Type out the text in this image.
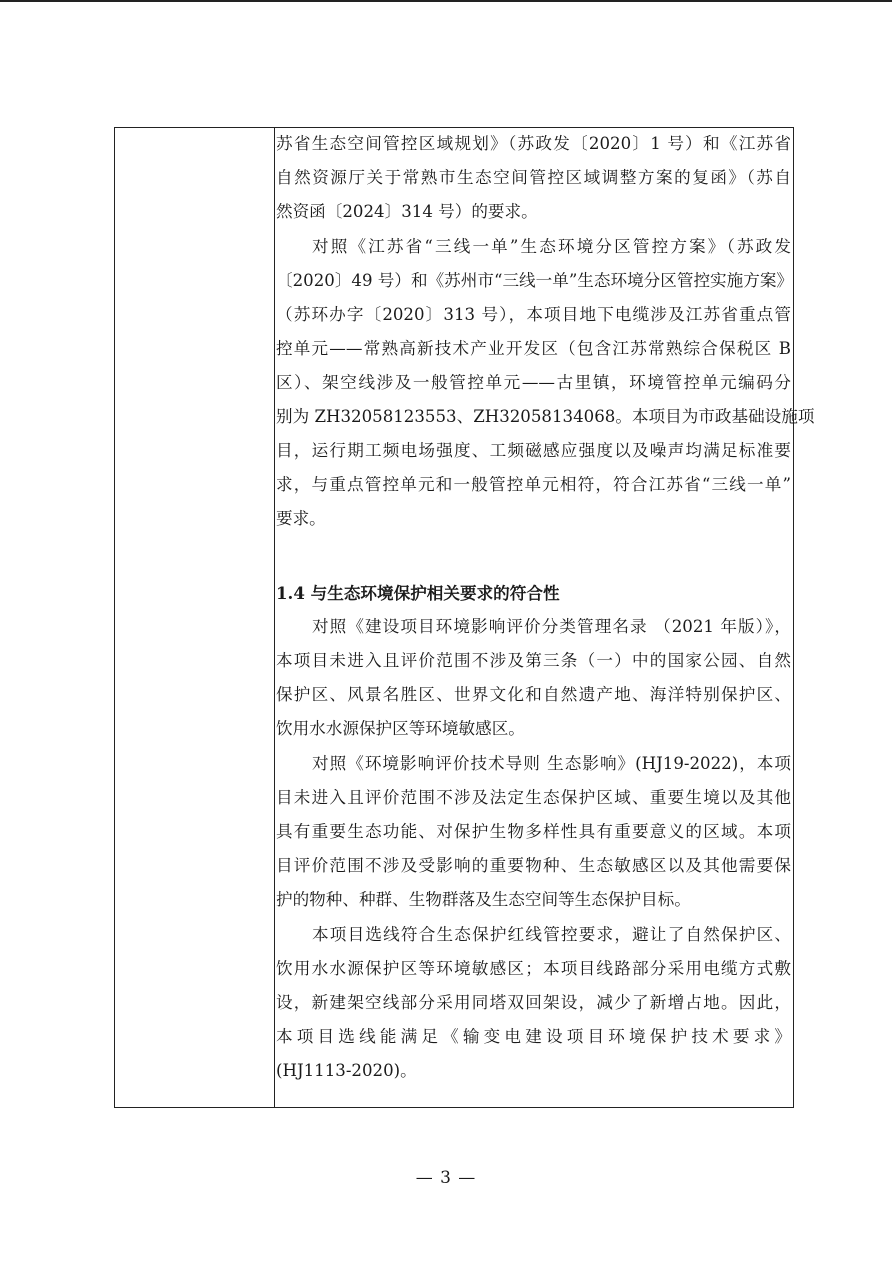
苏省生态空间管控区域规划》（苏政发〔2020〕1 号）和《江苏省
自然资源厅关于常熟市生态空间管控区域调整方案的复函》（苏自
然资函〔2024〕314 号）的要求。
对照《江苏省“三线一单”生态环境分区管控方案》（苏政发
〔2020〕49 号）和《苏州市“三线一单”生态环境分区管控实施方案》
（苏环办字〔2020〕313 号），本项目地下电缆涉及江苏省重点管
控单元——常熟高新技术产业开发区（包含江苏常熟综合保税区 B
区）、架空线涉及一般管控单元——古里镇，环境管控单元编码分
别为 ZH32058123553、ZH32058134068。本项目为市政基础设施项
目，运行期工频电场强度、工频磁感应强度以及噪声均满足标准要
求，与重点管控单元和一般管控单元相符，符合江苏省“三线一单”
要求。
1.4 与生态环境保护相关要求的符合性
对照《建设项目环境影响评价分类管理名录 （2021 年版）》，
本项目未进入且评价范围不涉及第三条（一）中的国家公园、自然
保护区、风景名胜区、世界文化和自然遗产地、海洋特别保护区、
饮用水水源保护区等环境敏感区。
对照《环境影响评价技术导则 生态影响》(HJ19-2022)，本项
目未进入且评价范围不涉及法定生态保护区域、重要生境以及其他
具有重要生态功能、对保护生物多样性具有重要意义的区域。本项
目评价范围不涉及受影响的重要物种、生态敏感区以及其他需要保
护的物种、种群、生物群落及生态空间等生态保护目标。
本项目选线符合生态保护红线管控要求，避让了自然保护区、
饮用水水源保护区等环境敏感区；本项目线路部分采用电缆方式敷
设，新建架空线部分采用同塔双回架设，减少了新增占地。因此，
本项目选线能满足《输变电建设项目环境保护技术要求》
(HJ1113-2020)。
— 3 —
